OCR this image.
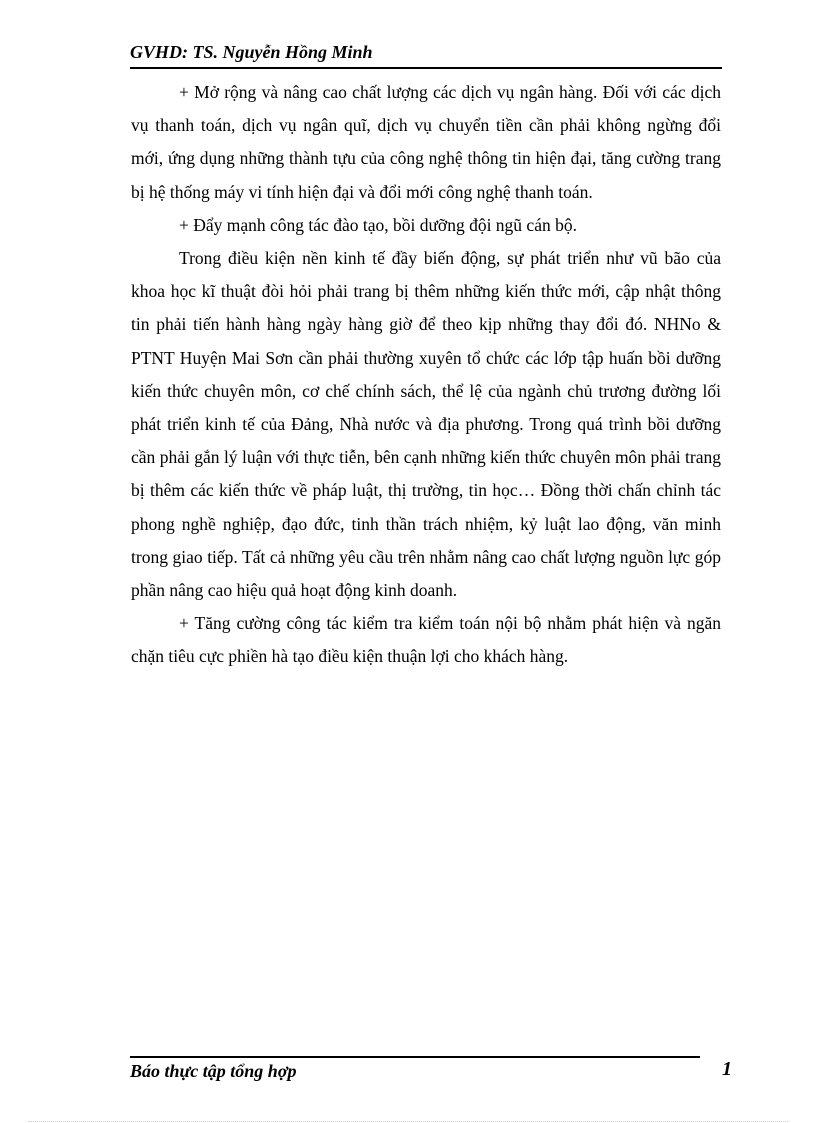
GVHD: TS. Nguyễn Hồng Minh

+ Mở rộng và nâng cao chất lượng các dịch vụ ngân hàng. Đối với các dịch vụ thanh toán, dịch vụ ngân quĩ, dịch vụ chuyển tiền cần phải không ngừng đổi mới, ứng dụng những thành tựu của công nghệ thông tin hiện đại, tăng cường trang bị hệ thống máy vi tính hiện đại và đổi mới công nghệ thanh toán.

+ Đẩy mạnh công tác đào tạo, bồi dưỡng đội ngũ cán bộ.

Trong điều kiện nền kinh tế đầy biến động, sự phát triển như vũ bão của khoa học kĩ thuật đòi hỏi phải trang bị thêm những kiến thức mới, cập nhật thông tin phải tiến hành hàng ngày hàng giờ để theo kịp những thay đổi đó. NHNo & PTNT Huyện Mai Sơn cần phải thường xuyên tổ chức các lớp tập huấn bồi dưỡng kiến thức chuyên môn, cơ chế chính sách, thể lệ của ngành chủ trương đường lối phát triển kinh tế của Đảng, Nhà nước và địa phương. Trong quá trình bồi dưỡng cần phải gắn lý luận với thực tiễn, bên cạnh những kiến thức chuyên môn phải trang bị thêm các kiến thức về pháp luật, thị trường, tin học… Đồng thời chấn chỉnh tác phong nghề nghiệp, đạo đức, tinh thần trách nhiệm, kỷ luật lao động, văn minh trong giao tiếp. Tất cả những yêu cầu trên nhằm nâng cao chất lượng nguồn lực góp phần nâng cao hiệu quả hoạt động kinh doanh.

+ Tăng cường công tác kiểm tra kiểm toán nội bộ nhằm phát hiện và ngăn chặn tiêu cực phiền hà tạo điều kiện thuận lợi cho khách hàng.

Báo thực tập tổng hợp	1
